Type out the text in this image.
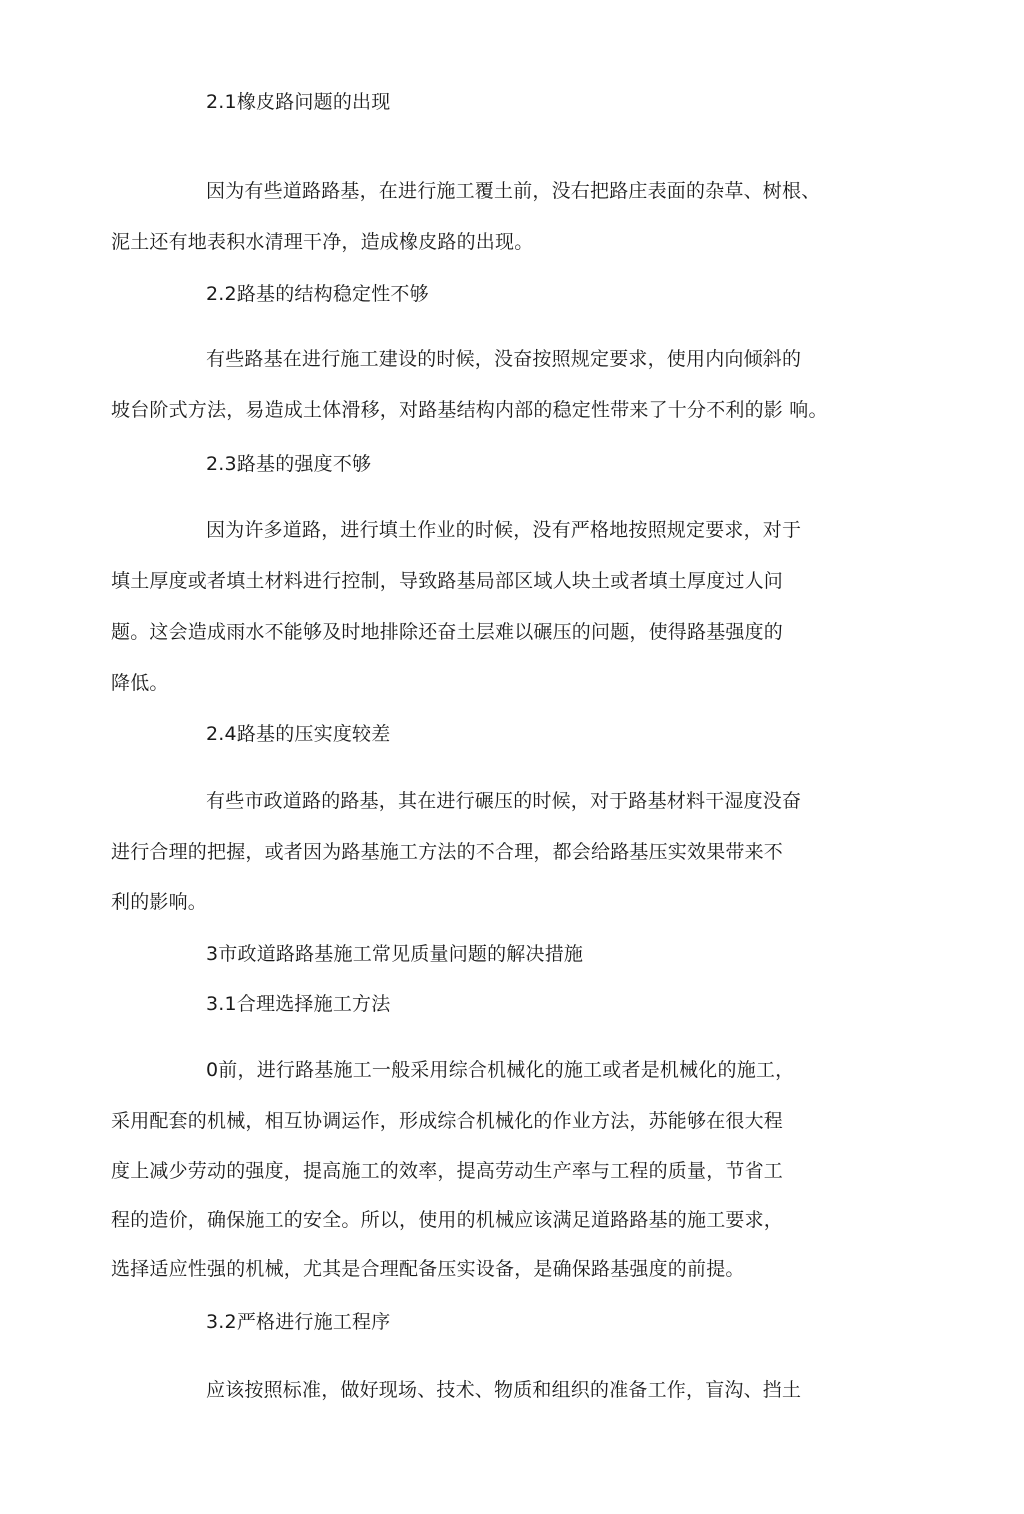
2.1橡皮路问题的出现
因为有些道路路基，在进行施工覆土前，没右把路庄表面的杂草、树根、
泥土还有地表积水清理干净，造成橡皮路的出现。
2.2路基的结构稳定性不够
有些路基在进行施工建设的时候，没奋按照规定要求，使用内向倾斜的
坡台阶式方法，易造成土体滑移，对路基结构内部的稳定性带来了十分不利的影 响。
2.3路基的强度不够
因为许多道路，进行填土作业的时候，没有严格地按照规定要求，对于
填土厚度或者填土材料进行控制，导致路基局部区域人块土或者填土厚度过人问
题。这会造成雨水不能够及时地排除还奋土层难以碾压的问题，使得路基强度的
降低。
2.4路基的压实度较差
有些市政道路的路基，其在进行碾压的时候，对于路基材料干湿度没奋
进行合理的把握，或者因为路基施工方法的不合理，都会给路基压实效果带来不
利的影响。
3市政道路路基施工常见质量问题的解决措施
3.1合理选择施工方法
0前，进行路基施工一般采用综合机械化的施工或者是机械化的施工，
采用配套的机械，相互协调运作，形成综合机械化的作业方法，苏能够在很大程
度上减少劳动的强度，提高施工的效率，提高劳动生产率与工程的质量，节省工
程的造价，确保施工的安全。所以，使用的机械应该满足道路路基的施工要求，
选择适应性强的机械，尤其是合理配备压实设备，是确保路基强度的前提。
3.2严格进行施工程序
应该按照标准，做好现场、技术、物质和组织的准备工作，盲沟、挡土
